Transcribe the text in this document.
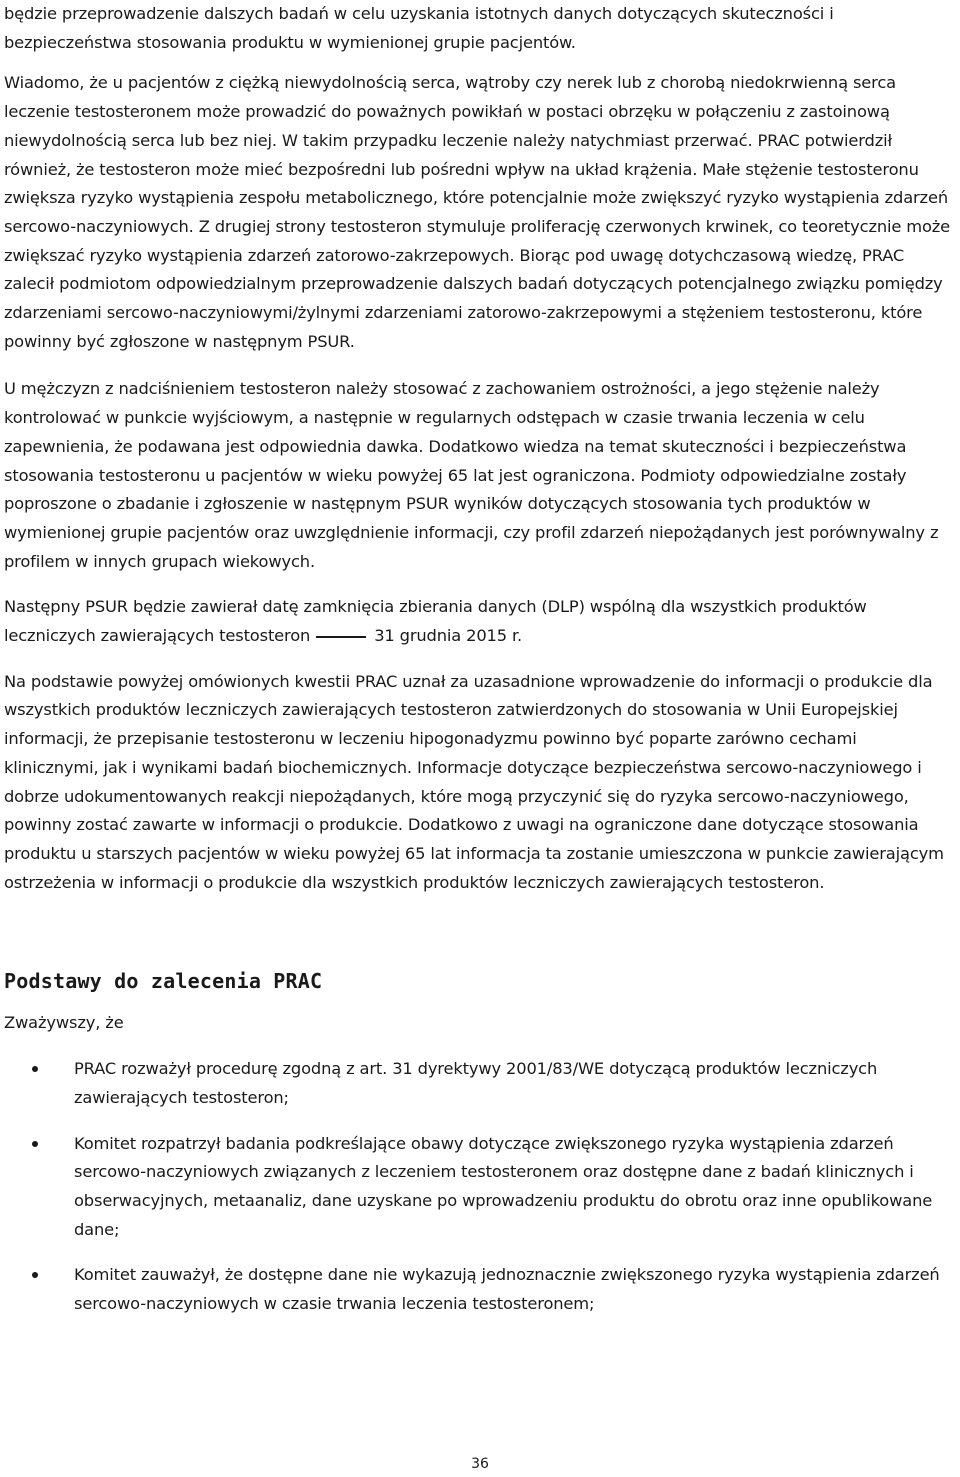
będzie przeprowadzenie dalszych badań w celu uzyskania istotnych danych dotyczących skuteczności i bezpieczeństwa stosowania produktu w wymienionej grupie pacjentów.

Wiadomo, że u pacjentów z ciężką niewydolnością serca, wątroby czy nerek lub z chorobą niedokrwienną serca leczenie testosteronem może prowadzić do poważnych powikłań w postaci obrzęku w połączeniu z zastoinową niewydolnością serca lub bez niej. W takim przypadku leczenie należy natychmiast przerwać. PRAC potwierdził również, że testosteron może mieć bezpośredni lub pośredni wpływ na układ krążenia. Małe stężenie testosteronu zwiększa ryzyko wystąpienia zespołu metabolicznego, które potencjalnie może zwiększyć ryzyko wystąpienia zdarzeń sercowo-naczyniowych. Z drugiej strony testosteron stymuluje proliferację czerwonych krwinek, co teoretycznie może zwiększać ryzyko wystąpienia zdarzeń zatorowo-zakrzepowych. Biorąc pod uwagę dotychczasową wiedzę, PRAC zalecił podmiotom odpowiedzialnym przeprowadzenie dalszych badań dotyczących potencjalnego związku pomiędzy zdarzeniami sercowo-naczyniowymi/żylnymi zdarzeniami zatorowo-zakrzepowymi a stężeniem testosteronu, które powinny być zgłoszone w następnym PSUR.

U mężczyzn z nadciśnieniem testosteron należy stosować z zachowaniem ostrożności, a jego stężenie należy kontrolować w punkcie wyjściowym, a następnie w regularnych odstępach w czasie trwania leczenia w celu zapewnienia, że podawana jest odpowiednia dawka. Dodatkowo wiedza na temat skuteczności i bezpieczeństwa stosowania testosteronu u pacjentów w wieku powyżej 65 lat jest ograniczona. Podmioty odpowiedzialne zostały poproszone o zbadanie i zgłoszenie w następnym PSUR wyników dotyczących stosowania tych produktów w wymienionej grupie pacjentów oraz uwzględnienie informacji, czy profil zdarzeń niepożądanych jest porównywalny z profilem w innych grupach wiekowych.

Następny PSUR będzie zawierał datę zamknięcia zbierania danych (DLP) wspólną dla wszystkich produktów leczniczych zawierających testosteron	31 grudnia 2015 r.

Na podstawie powyżej omówionych kwestii PRAC uznał za uzasadnione wprowadzenie do informacji o produkcie dla wszystkich produktów leczniczych zawierających testosteron zatwierdzonych do stosowania w Unii Europejskiej informacji, że przepisanie testosteronu w leczeniu hipogonadyzmu powinno być poparte zarówno cechami klinicznymi, jak i wynikami badań biochemicznych. Informacje dotyczące bezpieczeństwa sercowo-naczyniowego i dobrze udokumentowanych reakcji niepożądanych, które mogą przyczynić się do ryzyka sercowo-naczyniowego, powinny zostać zawarte w informacji o produkcie. Dodatkowo z uwagi na ograniczone dane dotyczące stosowania produktu u starszych pacjentów w wieku powyżej 65 lat informacja ta zostanie umieszczona w punkcie zawierającym ostrzeżenia w informacji o produkcie dla wszystkich produktów leczniczych zawierających testosteron.

Podstawy do zalecenia PRAC

Zważywszy, że

PRAC rozważył procedurę zgodną z art. 31 dyrektywy 2001/83/WE dotyczącą produktów leczniczych zawierających testosteron;
Komitet rozpatrzył badania podkreślające obawy dotyczące zwiększonego ryzyka wystąpienia zdarzeń sercowo-naczyniowych związanych z leczeniem testosteronem oraz dostępne dane z badań klinicznych i obserwacyjnych, metaanaliz, dane uzyskane po wprowadzeniu produktu do obrotu oraz inne opublikowane dane;
Komitet zauważył, że dostępne dane nie wykazują jednoznacznie zwiększonego ryzyka wystąpienia zdarzeń sercowo-naczyniowych w czasie trwania leczenia testosteronem;
36
